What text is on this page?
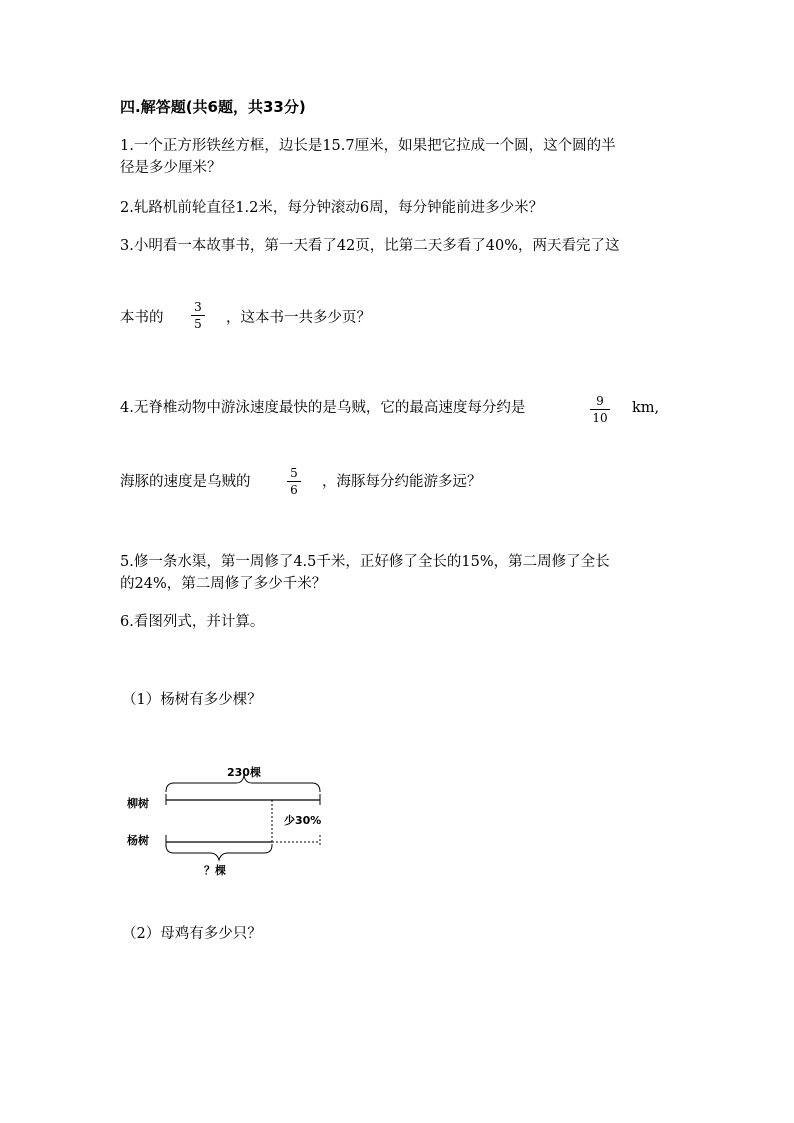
四.解答题(共6题，共33分)
1.一个正方形铁丝方框，边长是15.7厘米，如果把它拉成一个圆，这个圆的半
径是多少厘米？
2.轧路机前轮直径1.2米，每分钟滚动6周，每分钟能前进多少米？
3.小明看一本故事书，第一天看了42页，比第二天多看了40%，两天看完了这
本书的
3
5 ，这本书一共多少页？
4.无脊椎动物中游泳速度最快的是乌贼，它的最高速度每分约是	9
10
km,
海豚的速度是乌贼的
5
6 ，海豚每分约能游多远？
5.修一条水渠，第一周修了4.5千米，正好修了全长的15%，第二周修了全长
的24%，第二周修了多少千米？
6.看图列式，并计算。
（1）杨树有多少棵？
230棵
柳树
少30%
杨树
？棵
（2）母鸡有多少只？
